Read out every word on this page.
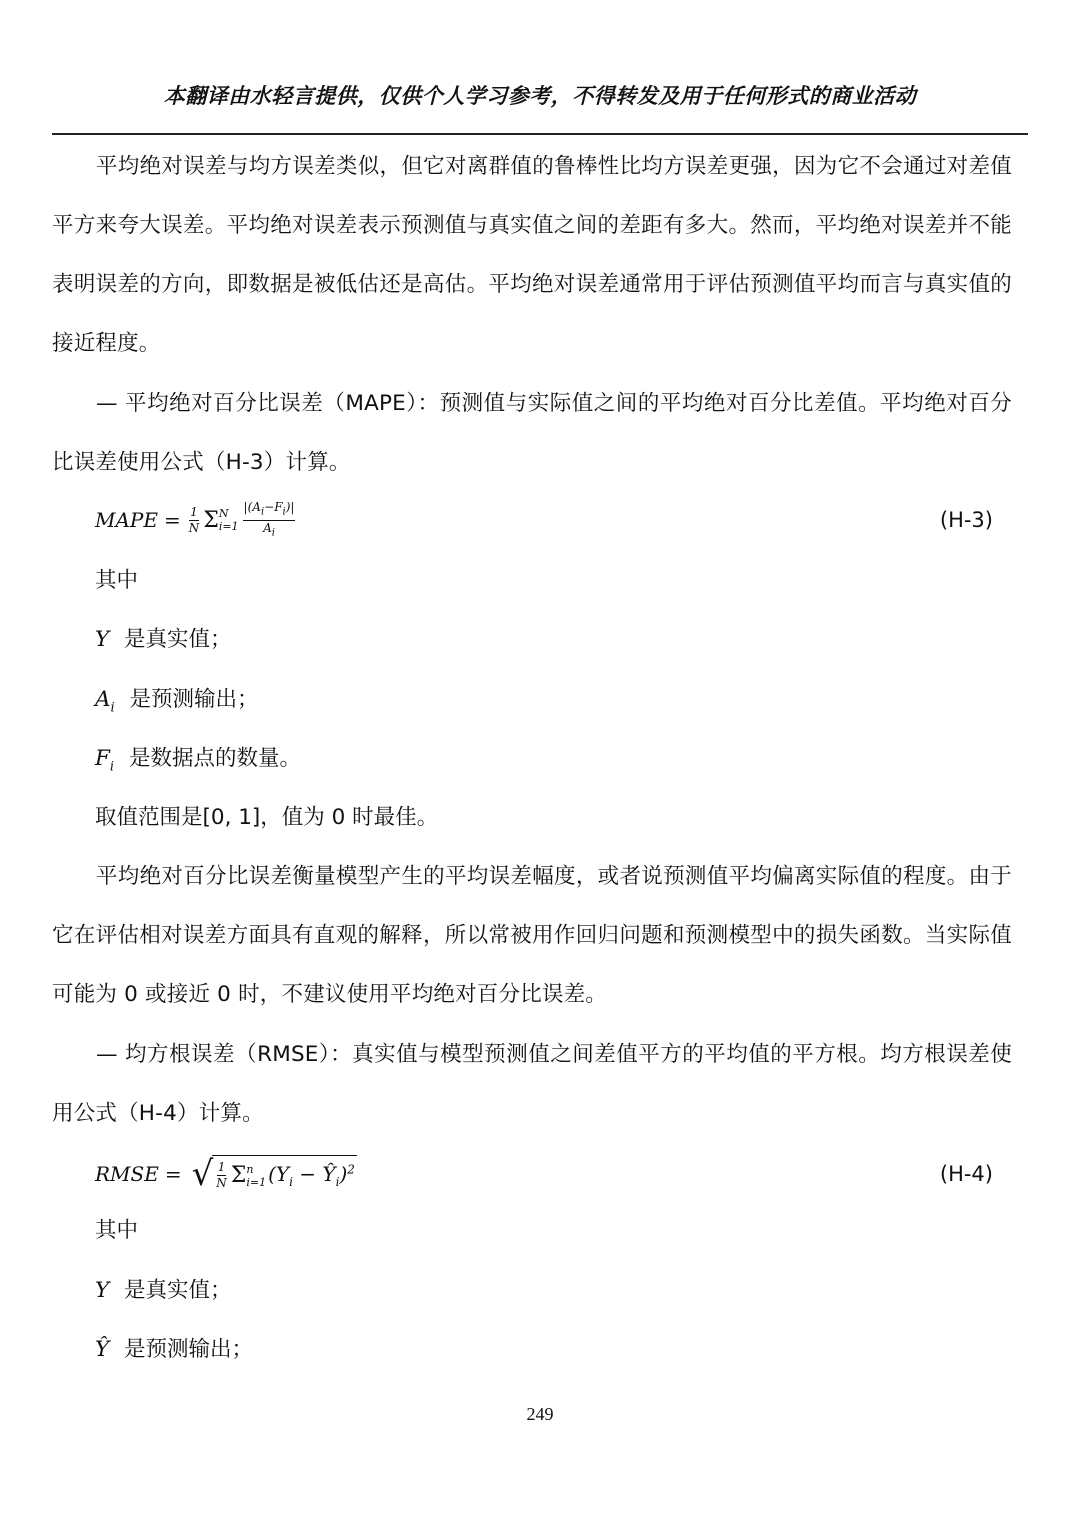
本翻译由水轻言提供，仅供个人学习参考，不得转发及用于任何形式的商业活动
平均绝对误差与均方误差类似，但它对离群值的鲁棒性比均方误差更强，因为它不会通过对差值平方来夸大误差。平均绝对误差表示预测值与真实值之间的差距有多大。然而，平均绝对误差并不能表明误差的方向，即数据是被低估还是高估。平均绝对误差通常用于评估预测值平均而言与真实值的接近程度。
— 平均绝对百分比误差（MAPE）：预测值与实际值之间的平均绝对百分比差值。平均绝对百分比误差使用公式（H-3）计算。
MAPE = $\frac{1}{N}$ Σ N
$i=1 \frac{|(A_i-F_i)|}{A_i}$	(H-3)
其中
Y 是真实值；
$A_i$ 是预测输出；
$F_i$ 是数据点的数量。
取值范围是[0, 1]，值为 0 时最佳。
平均绝对百分比误差衡量模型产生的平均误差幅度，或者说预测值平均偏离实际值的程度。由于它在评估相对误差方面具有直观的解释，所以常被用作回归问题和预测模型中的损失函数。当实际值可能为 0 或接近 0 时，不建议使用平均绝对百分比误差。
— 均方根误差（RMSE）：真实值与模型预测值之间差值平方的平均值的平方根。均方根误差使用公式（H-4）计算。
RMSE = √ $\frac{1}{N}$ Σ n
i=1 ($Y_i$ − $Ŷ_i)^2$	(H-4)
其中
Y 是真实值；
Ŷ 是预测输出；
249
